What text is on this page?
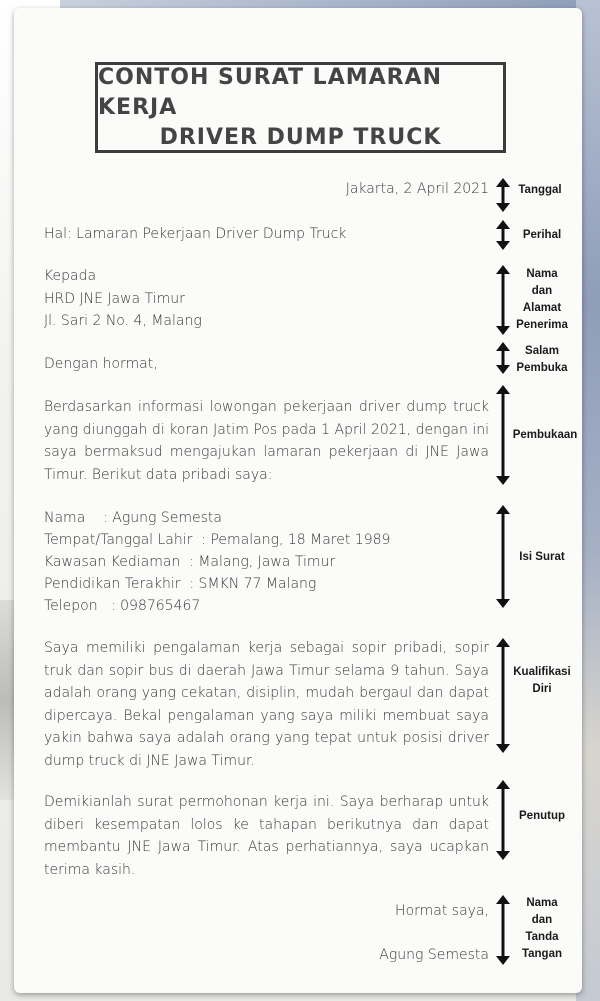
CONTOH SURAT LAMARAN KERJA
DRIVER DUMP TRUCK
Jakarta, 2 April 2021
Hal: Lamaran Pekerjaan Driver Dump Truck
Kepada
HRD JNE Jawa Timur
Jl. Sari 2 No. 4, Malang
Dengan hormat,
Berdasarkan informasi lowongan pekerjaan driver dump truck yang diunggah di koran Jatim Pos pada 1 April 2021, dengan ini saya bermaksud mengajukan lamaran pekerjaan di JNE Jawa Timur. Berikut data pribadi saya:
Nama    : Agung Semesta
Tempat/Tanggal Lahir  : Pemalang, 18 Maret 1989
Kawasan Kediaman  : Malang, Jawa Timur
Pendidikan Terakhir  : SMKN 77 Malang
Telepon   : 098765467
Saya memiliki pengalaman kerja sebagai sopir pribadi, sopir truk dan sopir bus di daerah Jawa Timur selama 9 tahun. Saya adalah orang yang cekatan, disiplin, mudah bergaul dan dapat dipercaya. Bekal pengalaman yang saya miliki membuat saya yakin bahwa saya adalah orang yang tepat untuk posisi driver dump truck di JNE Jawa Timur.
Demikianlah surat permohonan kerja ini. Saya berharap untuk diberi kesempatan lolos ke tahapan berikutnya dan dapat membantu JNE Jawa Timur. Atas perhatiannya, saya ucapkan terima kasih.
Hormat saya,
Agung Semesta
Tanggal
Perihal
Nama
dan
Alamat
Penerima
Salam
Pembuka
Pembukaan
Isi Surat
Kualifikasi
Diri
Penutup
Nama
dan
Tanda
Tangan
